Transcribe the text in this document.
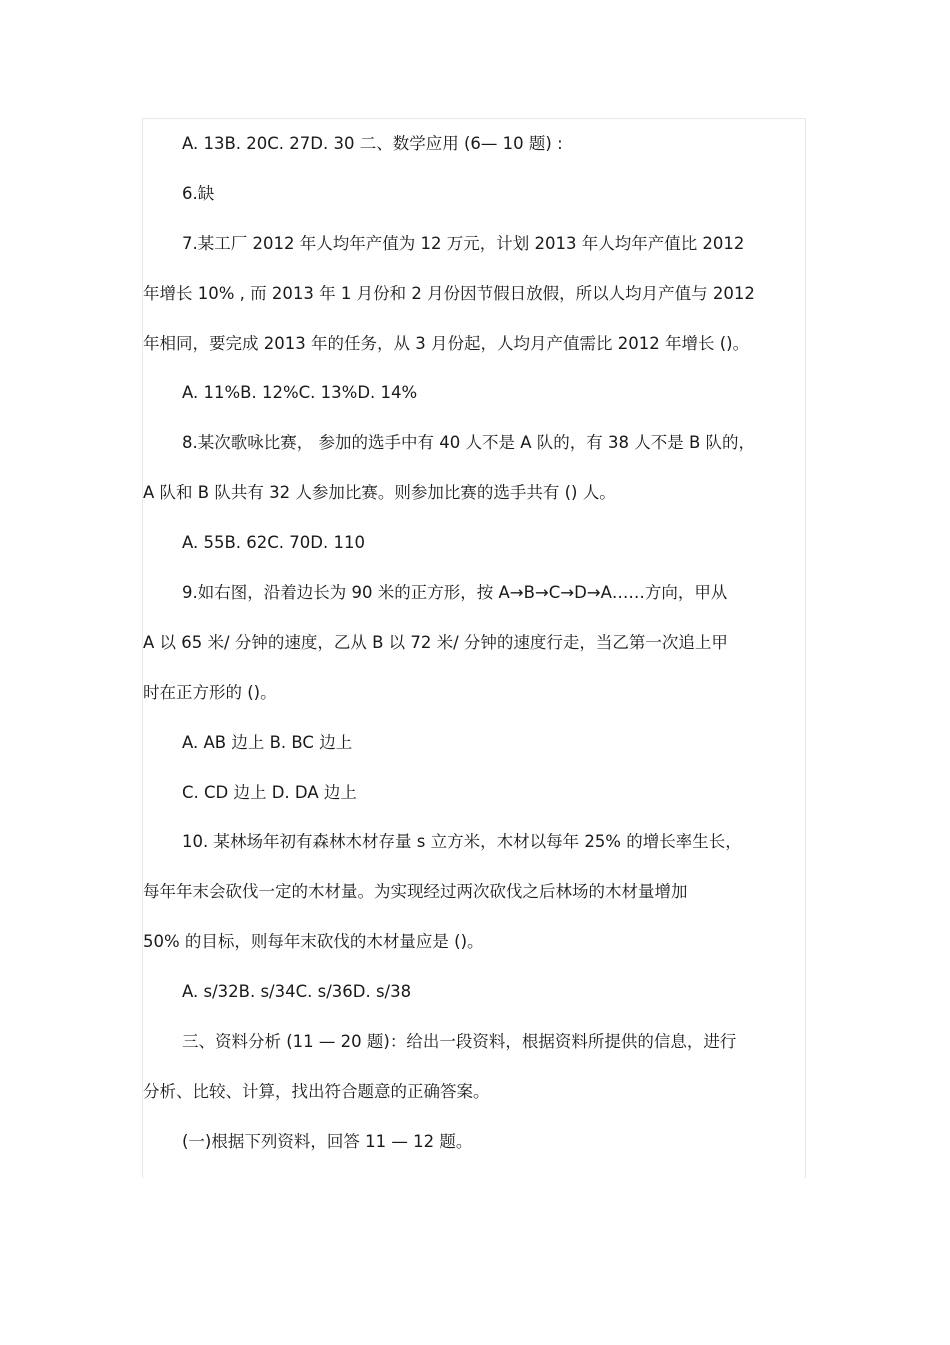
A. 13B. 20C. 27D. 30 二、数学应用 (6— 10 题) :
6.缺
7.某工厂 2012 年人均年产值为 12 万元，计划 2013 年人均年产值比 2012
年增长 10% , 而 2013 年 1 月份和 2 月份因节假日放假，所以人均月产值与 2012
年相同，要完成 2013 年的任务，从 3 月份起，人均月产值需比 2012 年增长 ()。
A. 11%B. 12%C. 13%D. 14%
8.某次歌咏比赛， 参加的选手中有 40 人不是 A 队的，有 38 人不是 B 队的，
A 队和 B 队共有 32 人参加比赛。则参加比赛的选手共有 () 人。
A. 55B. 62C. 70D. 110
9.如右图，沿着边长为 90 米的正方形，按 A→B→C→D→A……方向，甲从
A 以 65 米/ 分钟的速度，乙从 B 以 72 米/ 分钟的速度行走，当乙第一次追上甲
时在正方形的 ()。
A. AB 边上 B. BC 边上
C. CD 边上 D. DA 边上
10. 某林场年初有森林木材存量 s 立方米，木材以每年 25% 的增长率生长，
每年年末会砍伐一定的木材量。为实现经过两次砍伐之后林场的木材量增加
50% 的目标，则每年末砍伐的木材量应是 ()。
A. s/32B. s/34C. s/36D. s/38
三、资料分析 (11 — 20 题)：给出一段资料，根据资料所提供的信息，进行
分析、比较、计算，找出符合题意的正确答案。
(一)根据下列资料，回答 11 — 12 题。
